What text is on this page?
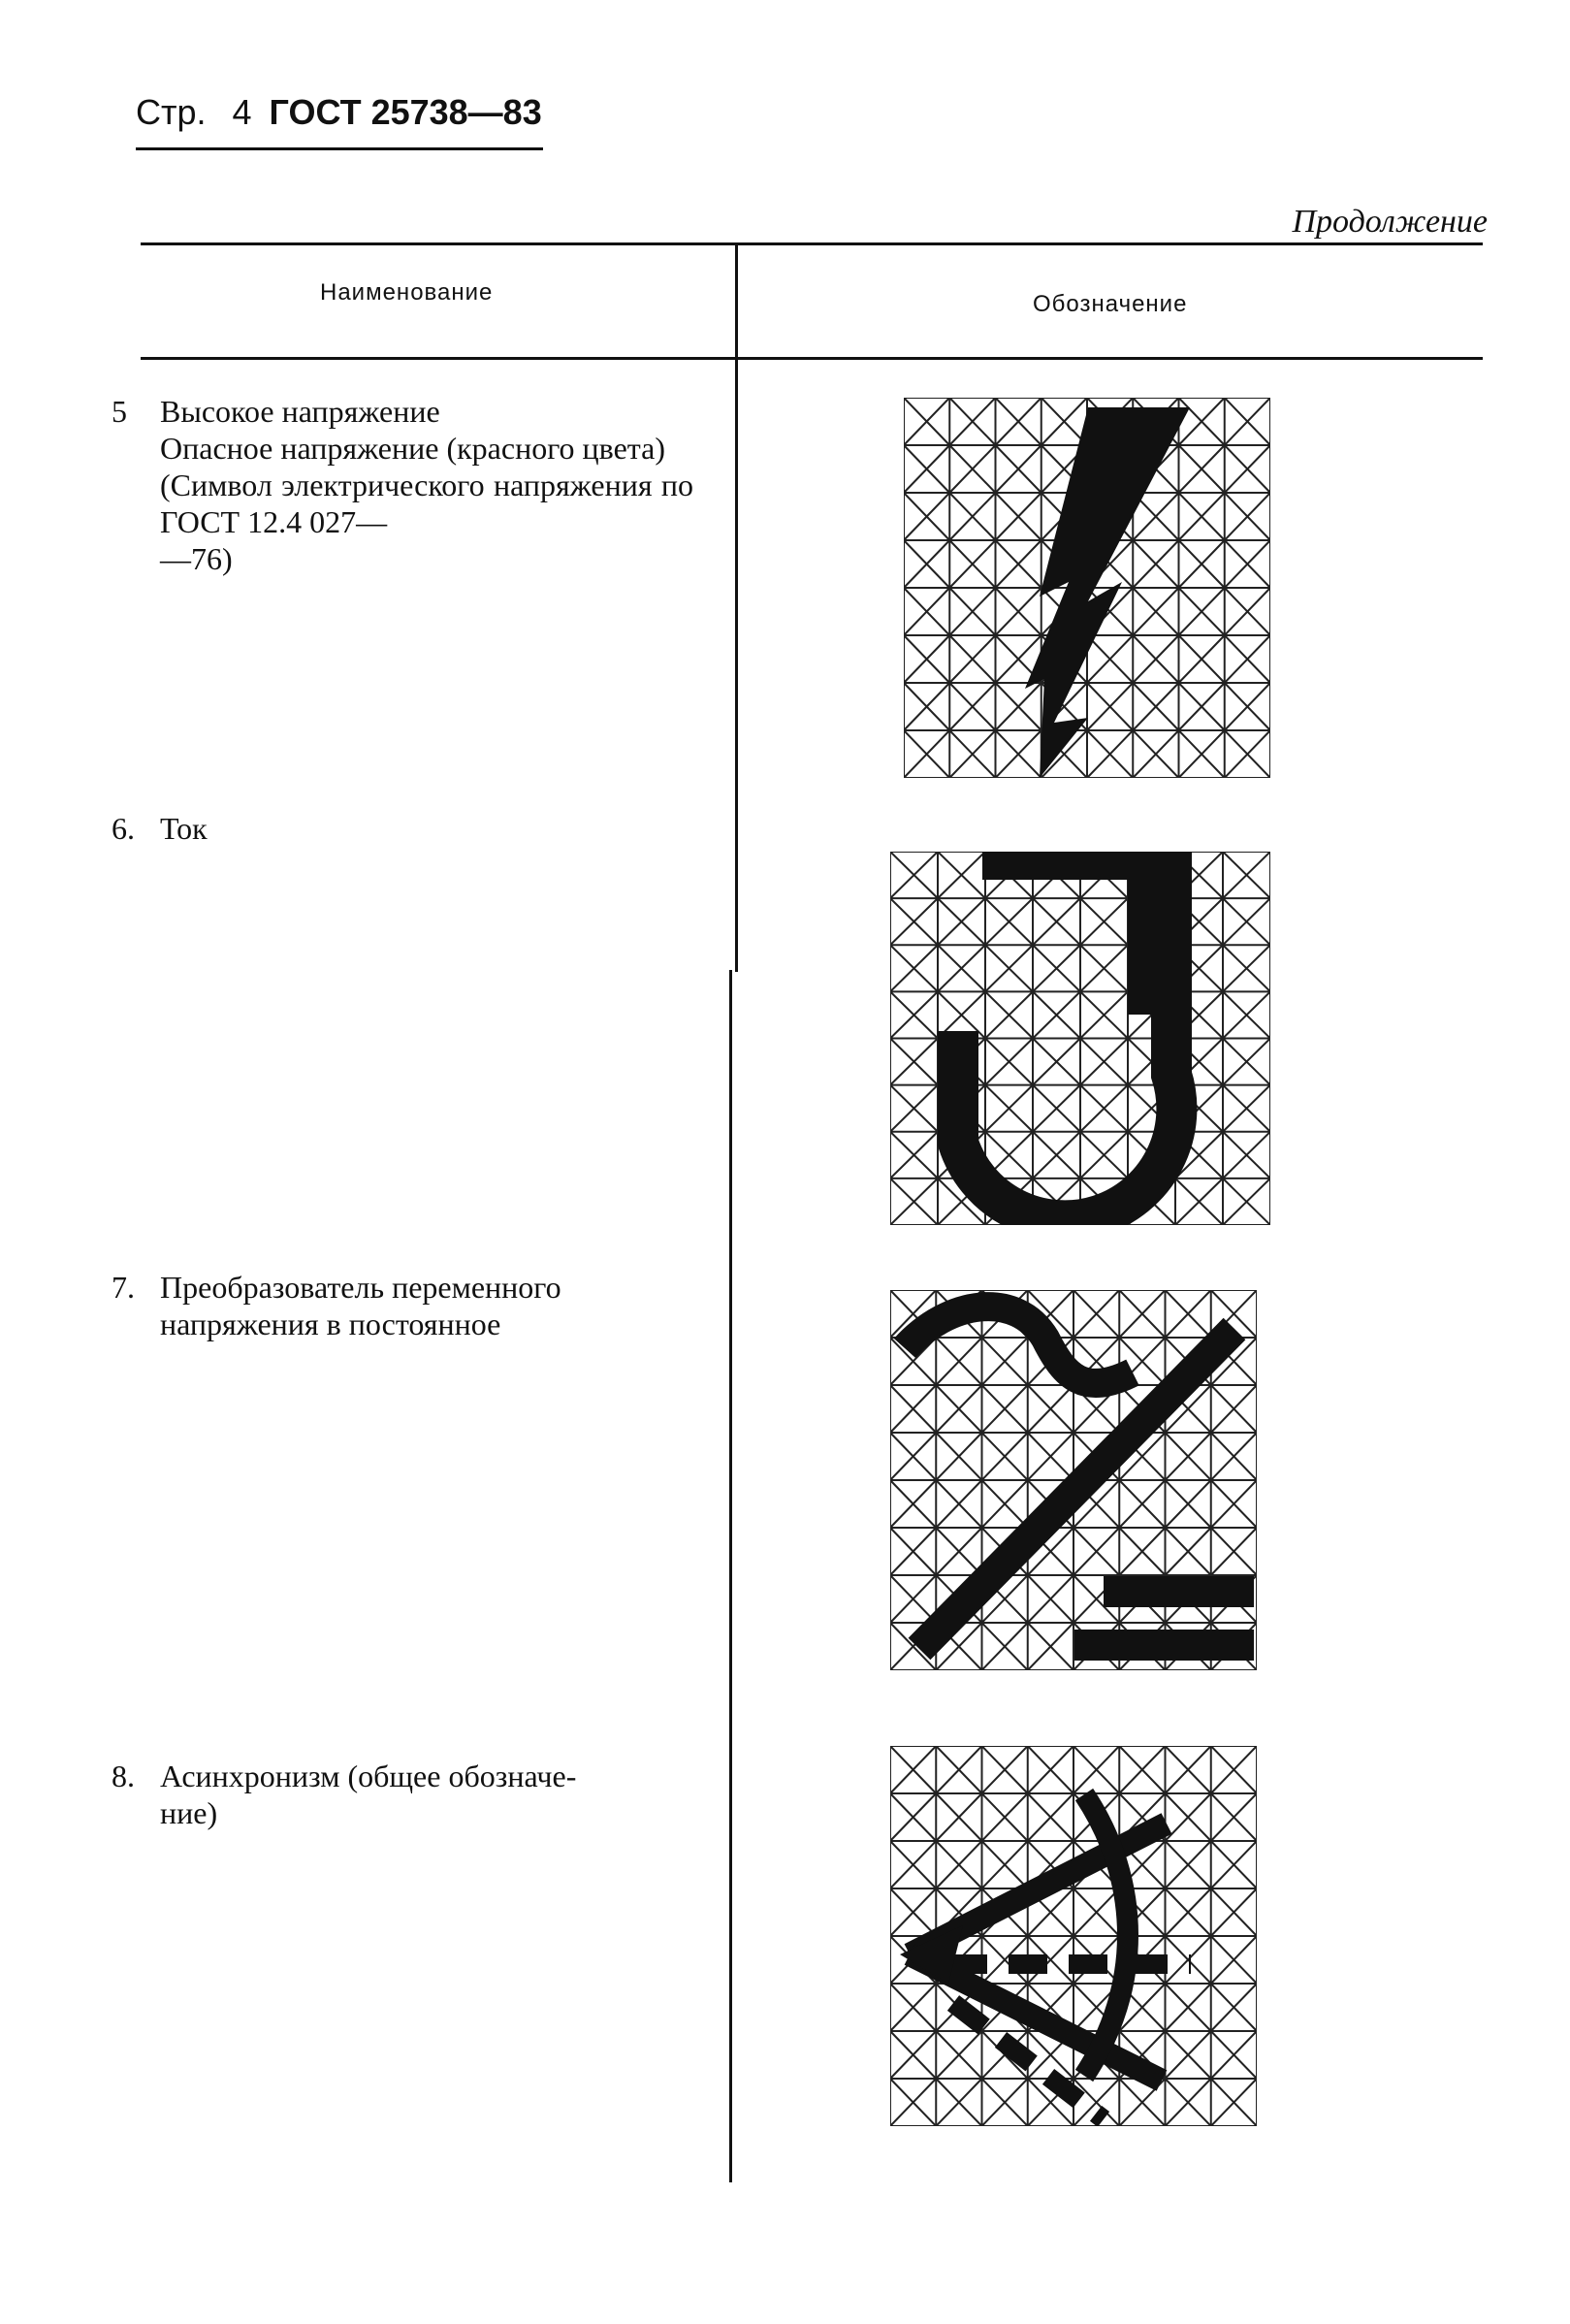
Стр. 4 ГОСТ 25738—83
Продолжение
Наименование	Обозначение
5 Высокое напряжение
Опасное напряжение (красного цвета)
(Символ электрического напряжения по ГОСТ 12.4 027—
—76)
6. Ток
7. Преобразователь переменного
напряжения в постоянное
8. Асинхронизм (общее обозначе-
ние)
